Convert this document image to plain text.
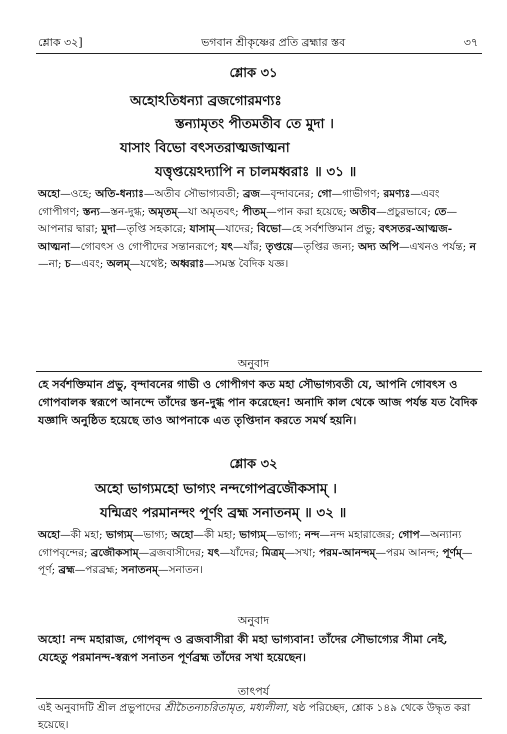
শ্লোক ৩২]	ভগবান শ্রীকৃষ্ণের প্রতি ব্রহ্মার স্তব	৩৭
শ্লোক ৩১
অহোঽতিধন্যা ব্রজগোরমণ্যঃ
স্তন্যামৃতং পীতমতীব তে মুদা ।
যাসাং বিভো বৎসতরাত্মজাত্মনা
যত্তৃপ্তয়েঽদ্যাপি ন চালমধ্বরাঃ ॥ ৩১ ॥
অহো—ওহে; অতি-ধন্যাঃ—অতীব সৌভাগ্যবতী; ব্রজ—বৃন্দাবনের; গো—গাভীগণ; রমণ্যঃ—এবং গোপীগণ; স্তন্য—স্তন-দুগ্ধ; অমৃতম্—যা অমৃতবৎ; পীতম্—পান করা হয়েছে; অতীব—প্রচুরভাবে; তে—আপনার দ্বারা; মুদা—তৃপ্তি সহকারে; যাসাম্—যাদের; বিভো—হে সর্বশক্তিমান প্রভু; বৎসতর-আত্মজ-আত্মনা—গোবৎস ও গোপীদের সন্তানরূপে; যৎ—যাঁর; তৃপ্তয়ে—তৃপ্তির জন্য; অদ্য অপি—এখনও পর্যন্ত; ন—না; চ—এবং; অলম্—যথেষ্ট; অধ্বরাঃ—সমস্ত বৈদিক যজ্ঞ।
অনুবাদ
হে সর্বশক্তিমান প্রভু, বৃন্দাবনের গাভী ও গোপীগণ কত মহা সৌভাগ্যবতী যে, আপনি গোবৎস ও গোপবালক স্বরূপে আনন্দে তাঁদের স্তন-দুগ্ধ পান করেছেন! অনাদি কাল থেকে আজ পর্যন্ত যত বৈদিক যজ্ঞাদি অনুষ্ঠিত হয়েছে তাও আপনাকে এত তৃপ্তিদান করতে সমর্থ হয়নি।
শ্লোক ৩২
অহো ভাগ্যমহো ভাগ্যং নন্দগোপব্রজৌকসাম্ ।
যন্মিত্রং পরমানন্দং পূর্ণং ব্রহ্ম সনাতনম্ ॥ ৩২ ॥
অহো—কী মহা; ভাগ্যম্—ভাগ্য; অহো—কী মহা; ভাগ্যম্—ভাগ্য; নন্দ—নন্দ মহারাজের; গোপ—অন্যান্য গোপবৃন্দের; ব্রজৌকসাম্—ব্রজবাসীদের; যৎ—যাঁদের; মিত্রম্—সখা; পরম-আনন্দম্—পরম আনন্দ; পূর্ণম্—পূর্ণ; ব্রহ্ম—পরব্রহ্ম; সনাতনম্—সনাতন।
অনুবাদ
অহো! নন্দ মহারাজ, গোপবৃন্দ ও ব্রজবাসীরা কী মহা ভাগ্যবান! তাঁদের সৌভাগ্যের সীমা নেই, যেহেতু পরমানন্দ-স্বরূপ সনাতন পূর্ণব্রহ্ম তাঁদের সখা হয়েছেন।
তাৎপর্য
এই অনুবাদটি শ্রীল প্রভুপাদের শ্রীচৈতন্যচরিতামৃত, মধ্যলীলা, ষষ্ঠ পরিচ্ছেদ, শ্লোক ১৪৯ থেকে উদ্ধৃত করা হয়েছে।
